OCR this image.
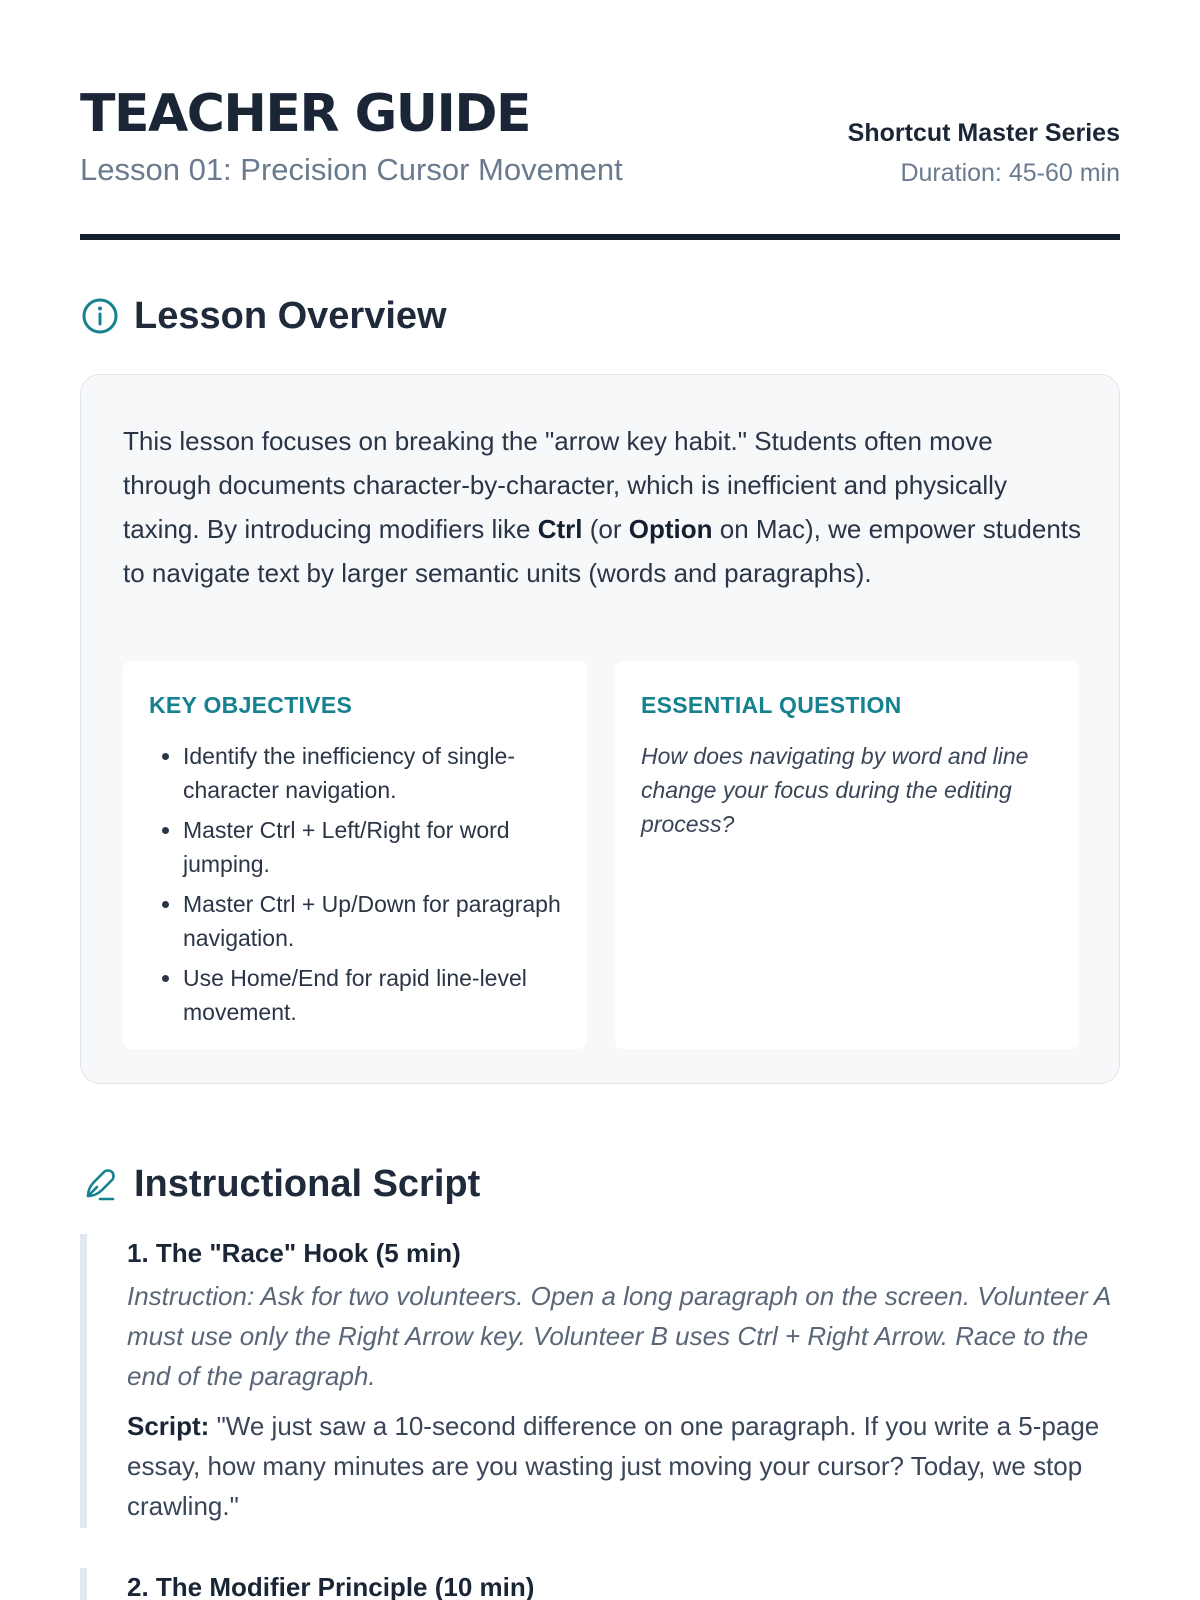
TEACHER GUIDE
Lesson 01: Precision Cursor Movement
Shortcut Master Series
Duration: 45-60 min
Lesson Overview

This lesson focuses on breaking the "arrow key habit." Students often move through documents character-by-character, which is inefficient and physically taxing. By introducing modifiers like Ctrl (or Option on Mac), we empower students to navigate text by larger semantic units (words and paragraphs).

KEY OBJECTIVES
• Identify the inefficiency of single-character navigation.
• Master Ctrl + Left/Right for word jumping.
• Master Ctrl + Up/Down for paragraph navigation.
• Use Home/End for rapid line-level movement.
ESSENTIAL QUESTION

How does navigating by word and line change your focus during the editing process?

Instructional Script
1. The "Race" Hook (5 min)

Instruction: Ask for two volunteers. Open a long paragraph on the screen. Volunteer A must use only the Right Arrow key. Volunteer B uses Ctrl + Right Arrow. Race to the end of the paragraph.

Script: "We just saw a 10-second difference on one paragraph. If you write a 5-page essay, how many minutes are you wasting just moving your cursor? Today, we stop crawling."

2. The Modifier Principle (10 min)
